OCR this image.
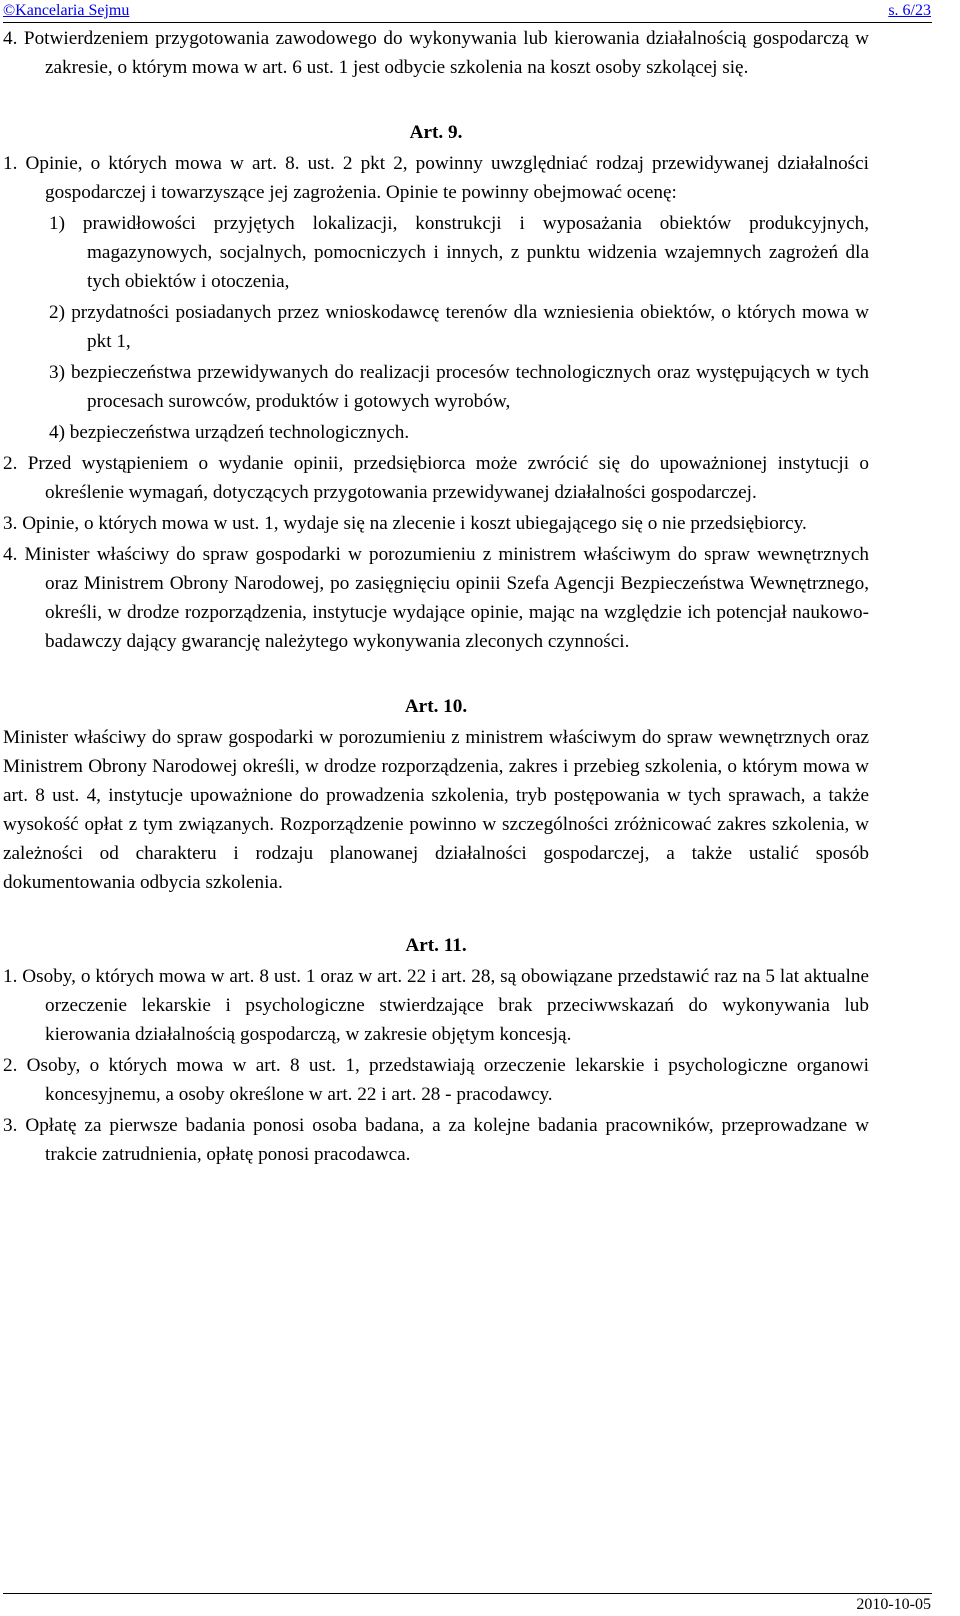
©Kancelaria Sejmu	s. 6/23

4. Potwierdzeniem przygotowania zawodowego do wykonywania lub kierowania działalnością gospodarczą w zakresie, o którym mowa w art. 6 ust. 1 jest odbycie szkolenia na koszt osoby szkolącej się.

Art. 9.

1. Opinie, o których mowa w art. 8. ust. 2 pkt 2, powinny uwzględniać rodzaj przewidywanej działalności gospodarczej i towarzyszące jej zagrożenia. Opinie te powinny obejmować ocenę:

1) prawidłowości przyjętych lokalizacji, konstrukcji i wyposażania obiektów produkcyjnych, magazynowych, socjalnych, pomocniczych i innych, z punktu widzenia wzajemnych zagrożeń dla tych obiektów i otoczenia,

2) przydatności posiadanych przez wnioskodawcę terenów dla wzniesienia obiektów, o których mowa w pkt 1,

3) bezpieczeństwa przewidywanych do realizacji procesów technologicznych oraz występujących w tych procesach surowców, produktów i gotowych wyrobów,

4) bezpieczeństwa urządzeń technologicznych.

2. Przed wystąpieniem o wydanie opinii, przedsiębiorca może zwrócić się do upoważnionej instytucji o określenie wymagań, dotyczących przygotowania przewidywanej działalności gospodarczej.

3. Opinie, o których mowa w ust. 1, wydaje się na zlecenie i koszt ubiegającego się o nie przedsiębiorcy.

4. Minister właściwy do spraw gospodarki w porozumieniu z ministrem właściwym do spraw wewnętrznych oraz Ministrem Obrony Narodowej, po zasięgnięciu opinii Szefa Agencji Bezpieczeństwa Wewnętrznego, określi, w drodze rozporządzenia, instytucje wydające opinie, mając na względzie ich potencjał naukowo-badawczy dający gwarancję należytego wykonywania zleconych czynności.

Art. 10.

Minister właściwy do spraw gospodarki w porozumieniu z ministrem właściwym do spraw wewnętrznych oraz Ministrem Obrony Narodowej określi, w drodze rozporządzenia, zakres i przebieg szkolenia, o którym mowa w art. 8 ust. 4, instytucje upoważnione do prowadzenia szkolenia, tryb postępowania w tych sprawach, a także wysokość opłat z tym związanych. Rozporządzenie powinno w szczególności zróżnicować zakres szkolenia, w zależności od charakteru i rodzaju planowanej działalności gospodarczej, a także ustalić sposób dokumentowania odbycia szkolenia.

Art. 11.

1. Osoby, o których mowa w art. 8 ust. 1 oraz w art. 22 i art. 28, są obowiązane przedstawić raz na 5 lat aktualne orzeczenie lekarskie i psychologiczne stwierdzające brak przeciwwskazań do wykonywania lub kierowania działalnością gospodarczą, w zakresie objętym koncesją.

2. Osoby, o których mowa w art. 8 ust. 1, przedstawiają orzeczenie lekarskie i psychologiczne organowi koncesyjnemu, a osoby określone w art. 22 i art. 28 - pracodawcy.

3. Opłatę za pierwsze badania ponosi osoba badana, a za kolejne badania pracowników, przeprowadzane w trakcie zatrudnienia, opłatę ponosi pracodawca.

2010-10-05
